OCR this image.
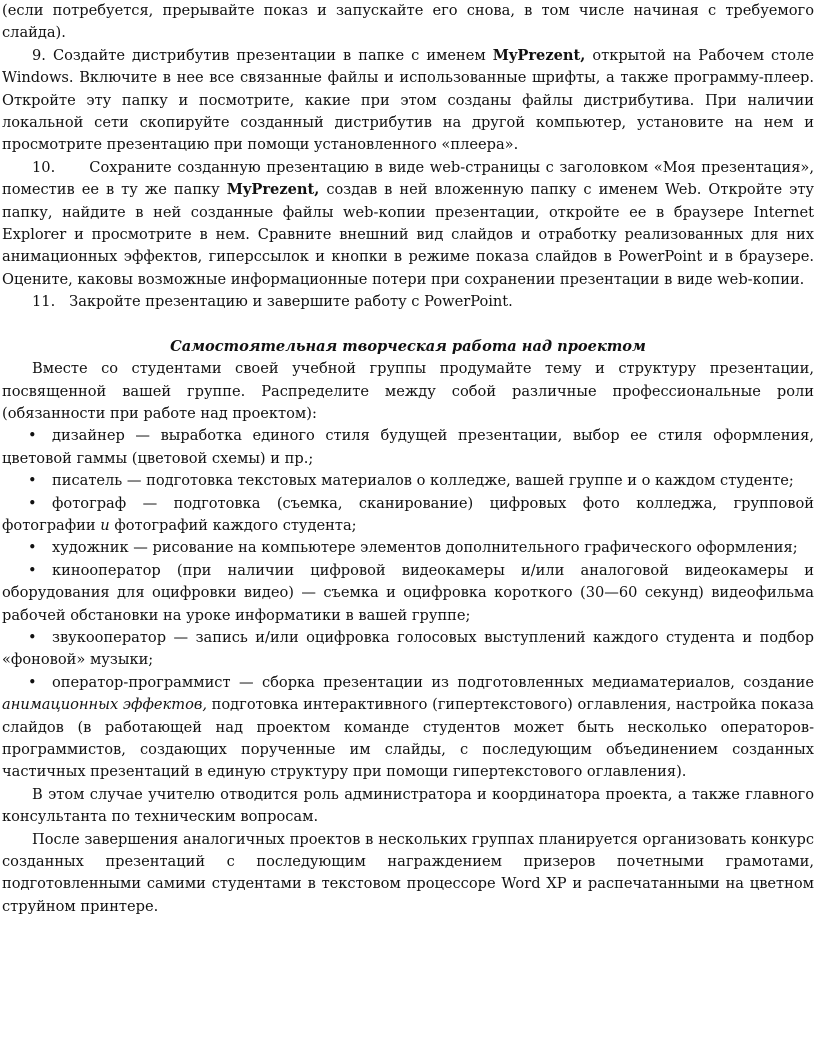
(если потребуется, прерывайте показ и запускайте его снова, в том числе начиная с требуемого слайда).

9. Создайте дистрибутив презентации в папке с именем MyPrezent, открытой на Рабочем столе Windows. Включите в нее все связанные файлы и использованные шрифты, а также программу-плеер. Откройте эту папку и посмотрите, какие при этом созданы файлы дистрибутива. При наличии локальной сети скопируйте созданный дистрибутив на другой компьютер, установите на нем и просмотрите презентацию при помощи установленного «плеера».

10. Сохраните созданную презентацию в виде web-страницы с заголовком «Моя презентация», поместив ее в ту же папку MyPrezent, создав в ней вложенную папку с именем Web. Откройте эту папку, найдите в ней созданные файлы web-копии презентации, откройте ее в браузере Internet Explorer и просмотрите в нем. Сравните внешний вид слайдов и отработку реализованных для них анимационных эффектов, гиперссылок и кнопки в режиме показа слайдов в PowerPoint и в браузере. Оцените, каковы возможные информационные потери при сохранении презентации в виде web-копии.

11. Закройте презентацию и завершите работу с PowerPoint.

Самостоятельная творческая работа над проектом

Вместе со студентами своей учебной группы продумайте тему и структуру презентации, посвященной вашей группе. Распределите между собой различные профессиональные роли (обязанности при работе над проектом):

• дизайнер — выработка единого стиля будущей презентации, выбор ее стиля оформления, цветовой гаммы (цветовой схемы) и пр.;

• писатель — подготовка текстовых материалов о колледже, вашей группе и о каждом студенте;

• фотограф — подготовка (съемка, сканирование) цифровых фото колледжа, групповой фотографии и фотографий каждого студента;

• художник — рисование на компьютере элементов дополнительного графического оформления;

• кинооператор (при наличии цифровой видеокамеры и/или аналоговой видеокамеры и оборудования для оцифровки видео) — съемка и оцифровка короткого (30—60 секунд) видеофильма рабочей обстановки на уроке информатики в вашей группе;

• звукооператор — запись и/или оцифровка голосовых выступлений каждого студента и подбор «фоновой» музыки;

• оператор-программист — сборка презентации из подготовленных медиаматериалов, создание анимационных эффектов, подготовка интерактивного (гипертекстового) оглавления, настройка показа слайдов (в работающей над проектом команде студентов может быть несколько операторов-программистов, создающих порученные им слайды, с последующим объединением созданных частичных презентаций в единую структуру при помощи гипертекстового оглавления).

В этом случае учителю отводится роль администратора и координатора проекта, а также главного консультанта по техническим вопросам.

После завершения аналогичных проектов в нескольких группах планируется организовать конкурс созданных презентаций с последующим награждением призеров почетными грамотами, подготовленными самими студентами в текстовом процессоре Word XP и распечатанными на цветном струйном принтере.
